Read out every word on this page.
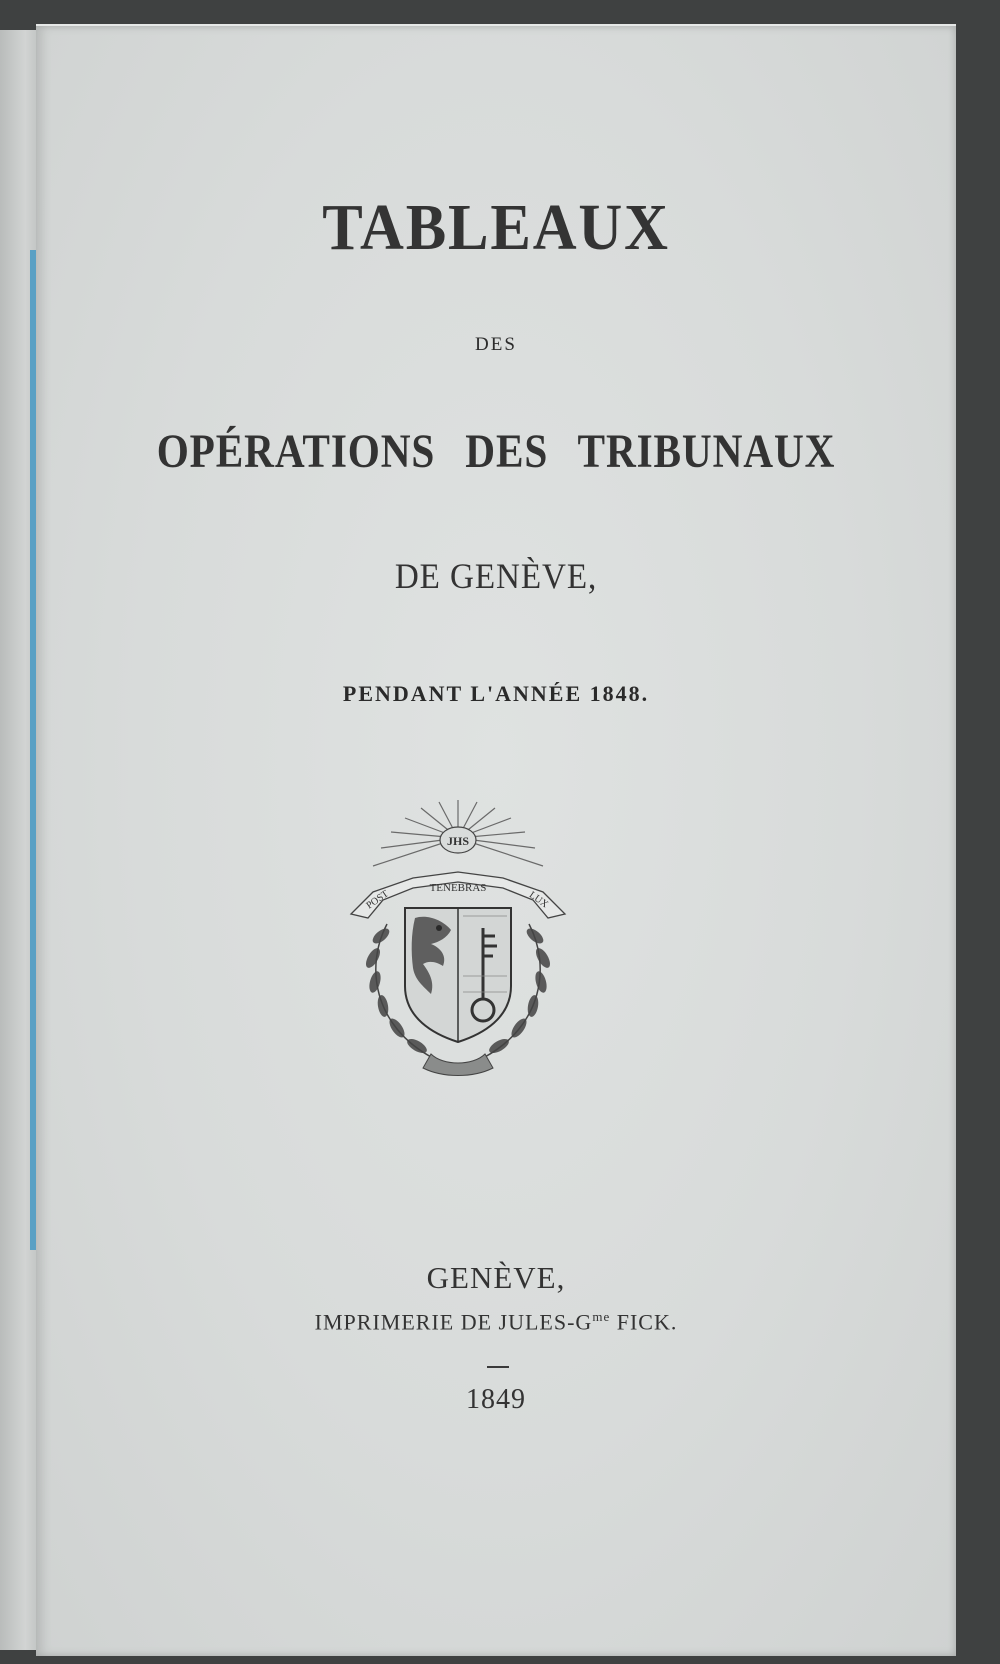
TABLEAUX
DES
OPÉRATIONS DES TRIBUNAUX
DE GENÈVE,
PENDANT L'ANNÉE 1848.
JHS
POST
TENEBRAS
LUX
GENÈVE,
IMPRIMERIE DE JULES-$G^{me}$ FICK.
1849
